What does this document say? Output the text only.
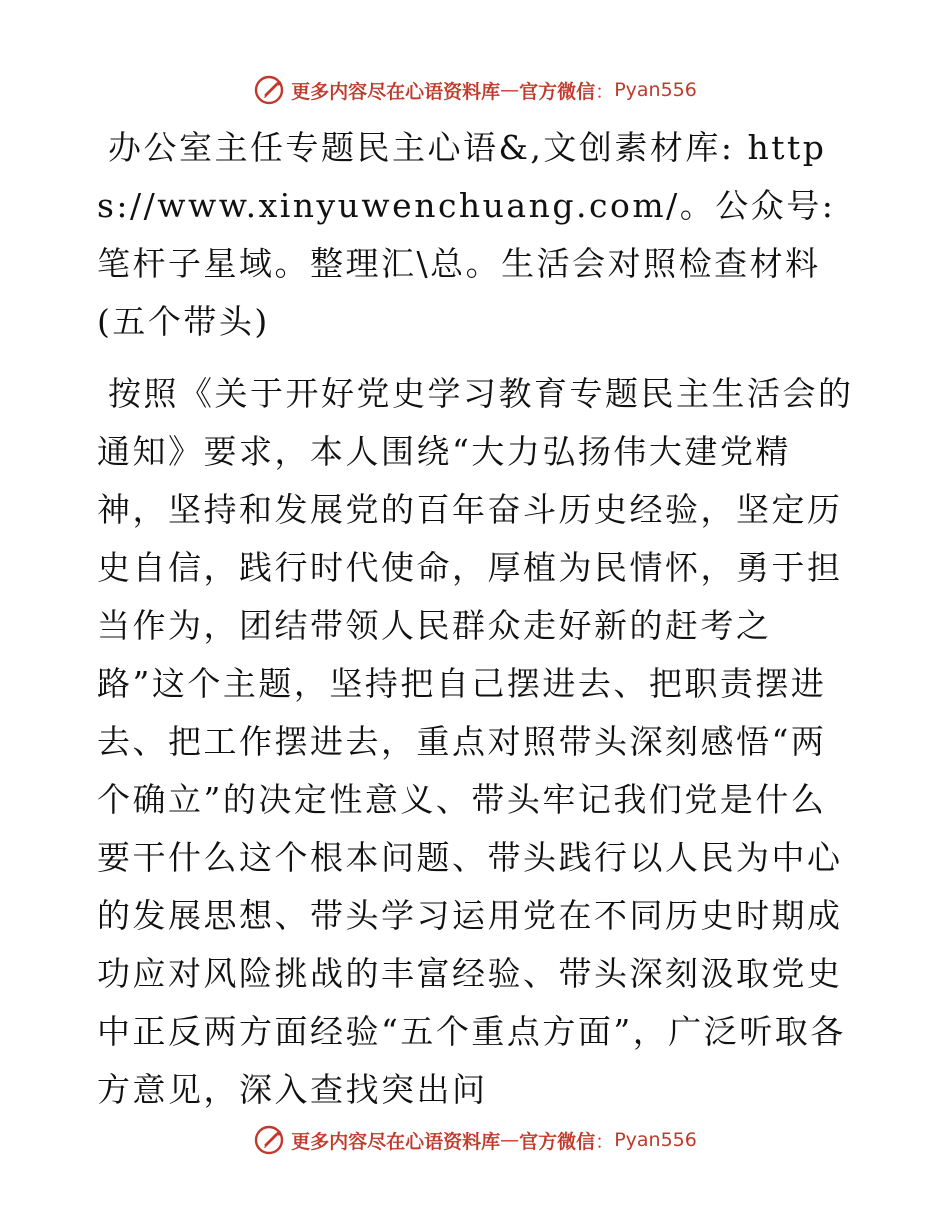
更多内容尽在心语资料库 — 官方微信 ： Pyan556

办公室主任专题民主心语&,文创素材库: https://www.xinyuwenchuang.com/。公众号: 笔杆子星域。整理汇\总。生活会对照检查材料(五个带头)

按照《关于开好党史学习教育专题民主生活会的通知》要求，本人围绕“大力弘扬伟大建党精神，坚持和发展党的百年奋斗历史经验，坚定历史自信，践行时代使命，厚植为民情怀，勇于担当作为，团结带领人民群众走好新的赶考之路”这个主题，坚持把自己摆进去、把职责摆进去、把工作摆进去，重点对照带头深刻感悟“两个确立”的决定性意义、带头牢记我们党是什么要干什么这个根本问题、带头践行以人民为中心的发展思想、带头学习运用党在不同历史时期成功应对风险挑战的丰富经验、带头深刻汲取党史中正反两方面经验“五个重点方面”，广泛听取各方意见，深入查找突出问

更多内容尽在心语资料库 — 官方微信 ： Pyan556
